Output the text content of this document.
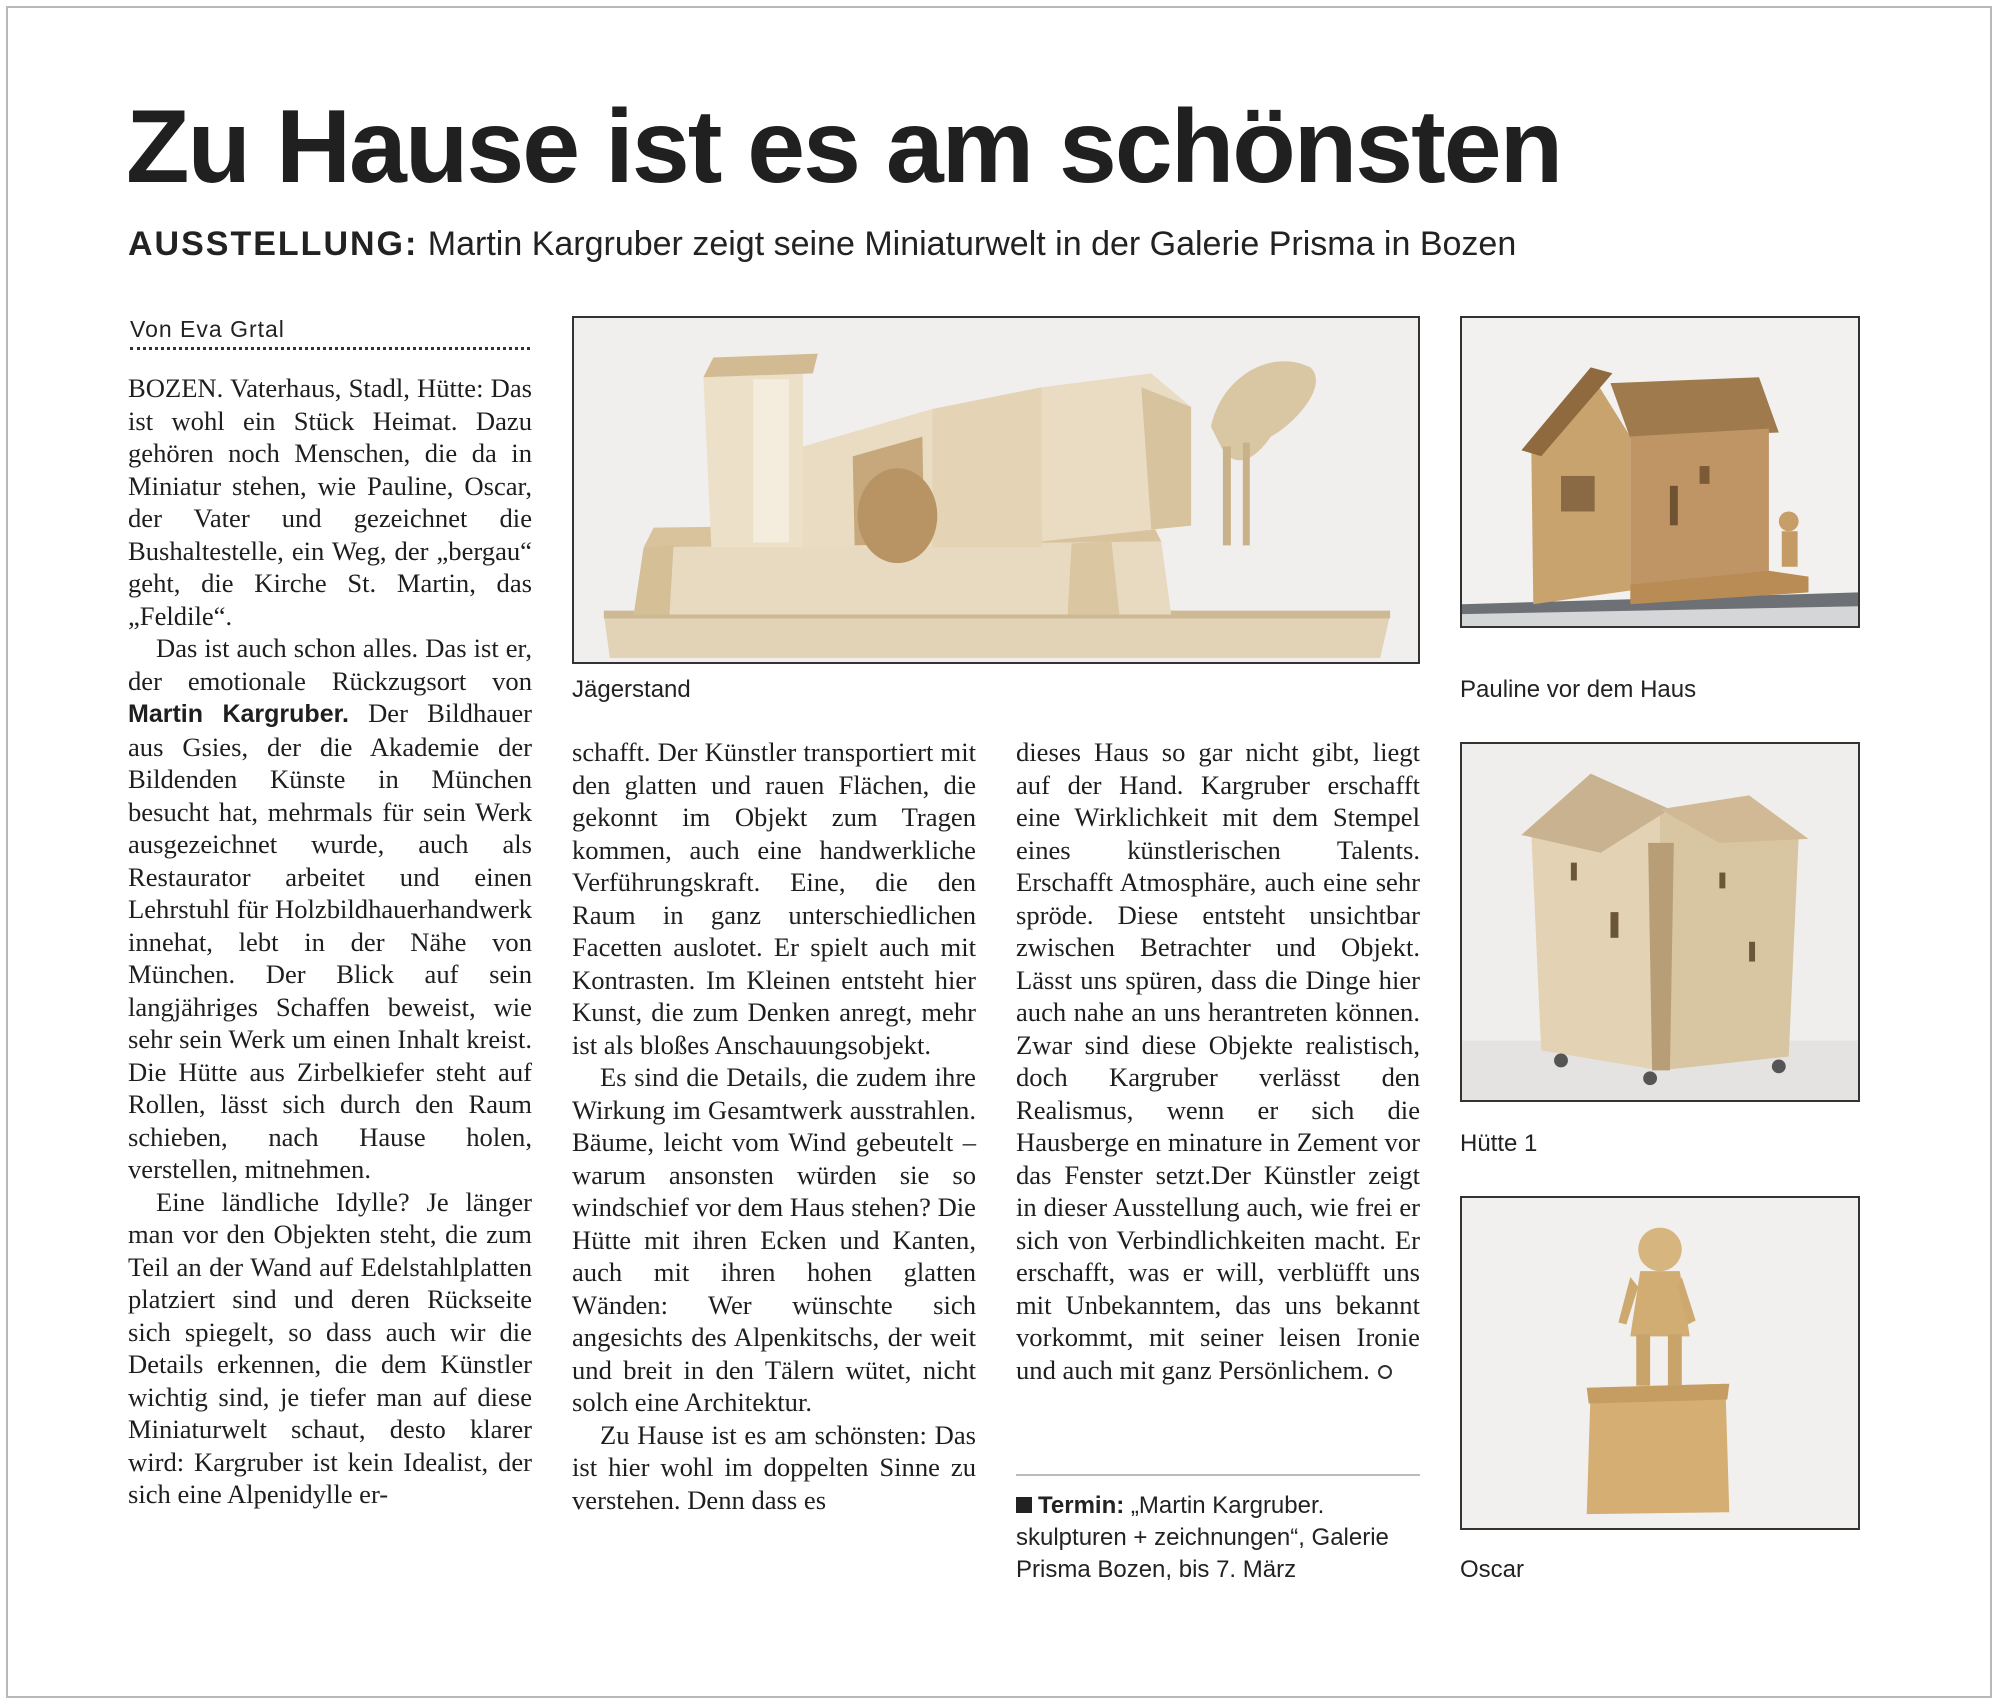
Zu Hause ist es am schönsten
AUSSTELLUNG: Martin Kargruber zeigt seine Miniaturwelt in der Galerie Prisma in Bozen
Von Eva Grtal

BOZEN. Vaterhaus, Stadl, Hütte: Das ist wohl ein Stück Heimat. Dazu gehören noch Menschen, die da in Miniatur stehen, wie Pauline, Oscar, der Vater und gezeichnet die Bushaltestelle, ein Weg, der „bergau“ geht, die Kirche St. Martin, das „Feldile“.

Das ist auch schon alles. Das ist er, der emotionale Rückzugsort von Martin Kargruber. Der Bildhauer aus Gsies, der die Akademie der Bildenden Künste in München besucht hat, mehrmals für sein Werk ausgezeichnet wurde, auch als Restaurator arbeitet und einen Lehrstuhl für Holzbildhauerhandwerk innehat, lebt in der Nähe von München. Der Blick auf sein langjähriges Schaffen beweist, wie sehr sein Werk um einen Inhalt kreist. Die Hütte aus Zirbelkiefer steht auf Rollen, lässt sich durch den Raum schieben, nach Hause holen, verstellen, mitnehmen.

Eine ländliche Idylle? Je länger man vor den Objekten steht, die zum Teil an der Wand auf Edelstahlplatten platziert sind und deren Rückseite sich spiegelt, so dass auch wir die Details erkennen, die dem Künstler wichtig sind, je tiefer man auf diese Miniaturwelt schaut, desto klarer wird: Kargruber ist kein Idealist, der sich eine Alpenidylle er-

Jägerstand

schafft. Der Künstler transportiert mit den glatten und rauen Flächen, die gekonnt im Objekt zum Tragen kommen, auch eine handwerkliche Verführungskraft. Eine, die den Raum in ganz unterschiedlichen Facetten auslotet. Er spielt auch mit Kontrasten. Im Kleinen entsteht hier Kunst, die zum Denken anregt, mehr ist als bloßes Anschauungsobjekt.

Es sind die Details, die zudem ihre Wirkung im Gesamtwerk ausstrahlen. Bäume, leicht vom Wind gebeutelt – warum ansonsten würden sie so windschief vor dem Haus stehen? Die Hütte mit ihren Ecken und Kanten, auch mit ihren hohen glatten Wänden: Wer wünschte sich angesichts des Alpenkitschs, der weit und breit in den Tälern wütet, nicht solch eine Architektur.

Zu Hause ist es am schönsten: Das ist hier wohl im doppelten Sinne zu verstehen. Denn dass es

dieses Haus so gar nicht gibt, liegt auf der Hand. Kargruber erschafft eine Wirklichkeit mit dem Stempel eines künstlerischen Talents. Erschafft Atmosphäre, auch eine sehr spröde. Diese entsteht unsichtbar zwischen Betrachter und Objekt. Lässt uns spüren, dass die Dinge hier auch nahe an uns herantreten können. Zwar sind diese Objekte realistisch, doch Kargruber verlässt den Realismus, wenn er sich die Hausberge en minature in Zement vor das Fenster setzt.Der Künstler zeigt in dieser Ausstellung auch, wie frei er sich von Verbindlichkeiten macht. Er erschafft, was er will, verblüfft uns mit Unbekanntem, das uns bekannt vorkommt, mit seiner leisen Ironie und auch mit ganz Persönlichem.

Termin: „Martin Kargruber. skulpturen + zeichnungen“, Galerie Prisma Bozen, bis 7. März
Pauline vor dem Haus
Hütte 1
Oscar
